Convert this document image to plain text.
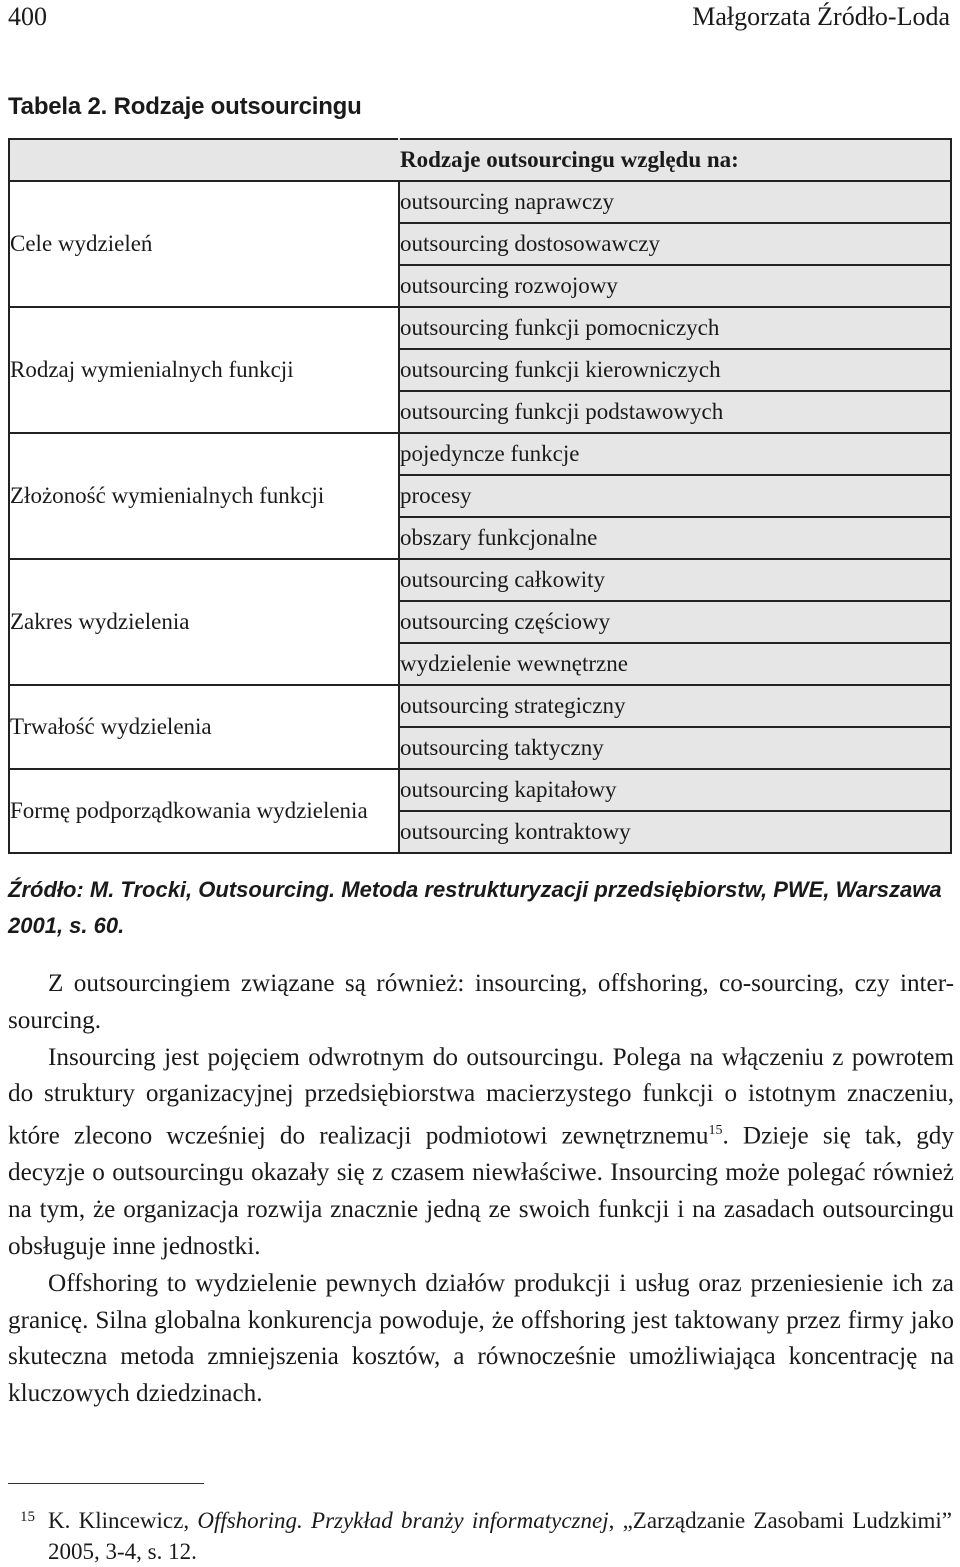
400	Małgorzata Źródło-Loda
Tabela 2. Rodzaje outsourcingu
	Rodzaje outsourcingu względu na:
Cele wydzieleń	outsourcing naprawczy
	outsourcing dostosowawczy
	outsourcing rozwojowy
Rodzaj wymienialnych funkcji	outsourcing funkcji pomocniczych
	outsourcing funkcji kierowniczych
	outsourcing funkcji podstawowych
Złożoność wymienialnych funkcji	pojedyncze funkcje
	procesy
	obszary funkcjonalne
Zakres wydzielenia	outsourcing całkowity
	outsourcing częściowy
	wydzielenie wewnętrzne
Trwałość wydzielenia	outsourcing strategiczny
	outsourcing taktyczny
Formę podporządkowania wydzielenia	outsourcing kapitałowy
	outsourcing kontraktowy
Źródło: M. Trocki, Outsourcing. Metoda restrukturyzacji przedsiębiorstw, PWE, Warszawa 2001, s. 60.

Z outsourcingiem związane są również: insourcing, offshoring, co-sourcing, czy inter-sourcing.

Insourcing jest pojęciem odwrotnym do outsourcingu. Polega na włączeniu z powrotem do struktury organizacyjnej przedsiębiorstwa macierzystego funkcji o istotnym znaczeniu, które zlecono wcześniej do realizacji podmiotowi zewnętrznemu$^{15}$. Dzieje się tak, gdy decyzje o outsourcingu okazały się z czasem niewłaściwe. Insourcing może polegać również na tym, że organizacja rozwija znacznie jedną ze swoich funkcji i na zasadach outsourcingu obsługuje inne jednostki.

Offshoring to wydzielenie pewnych działów produkcji i usług oraz przeniesienie ich za granicę. Silna globalna konkurencja powoduje, że offshoring jest taktowany przez firmy jako skuteczna metoda zmniejszenia kosztów, a równocześnie umożliwiająca koncentrację na kluczowych dziedzinach.

15 K. Klincewicz, Offshoring. Przykład branży informatycznej, „Zarządzanie Zasobami Ludzkimi” 2005, 3-4, s. 12.
